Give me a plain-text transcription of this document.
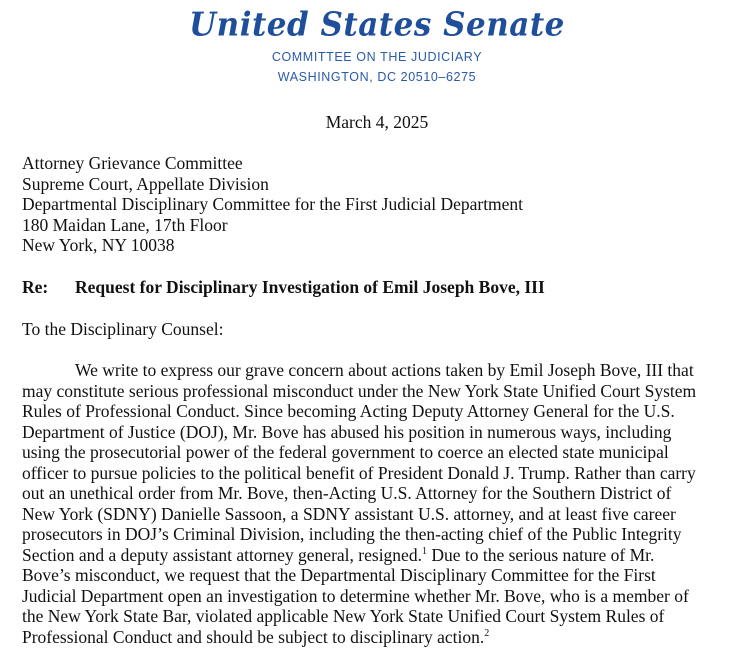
United States Senate
COMMITTEE ON THE JUDICIARY
WASHINGTON, DC 20510–6275
March 4, 2025
Attorney Grievance Committee
Supreme Court, Appellate Division
Departmental Disciplinary Committee for the First Judicial Department
180 Maidan Lane, 17th Floor
New York, NY 10038
Re: Request for Disciplinary Investigation of Emil Joseph Bove, III
To the Disciplinary Counsel:
We write to express our grave concern about actions taken by Emil Joseph Bove, III that
may constitute serious professional misconduct under the New York State Unified Court System
Rules of Professional Conduct. Since becoming Acting Deputy Attorney General for the U.S.
Department of Justice (DOJ), Mr. Bove has abused his position in numerous ways, including
using the prosecutorial power of the federal government to coerce an elected state municipal
officer to pursue policies to the political benefit of President Donald J. Trump. Rather than carry
out an unethical order from Mr. Bove, then-Acting U.S. Attorney for the Southern District of
New York (SDNY) Danielle Sassoon, a SDNY assistant U.S. attorney, and at least five career
prosecutors in DOJ’s Criminal Division, including the then-acting chief of the Public Integrity
Section and a deputy assistant attorney general, resigned.$^1$ Due to the serious nature of Mr.
Bove’s misconduct, we request that the Departmental Disciplinary Committee for the First
Judicial Department open an investigation to determine whether Mr. Bove, who is a member of
the New York State Bar, violated applicable New York State Unified Court System Rules of
Professional Conduct and should be subject to disciplinary action.$^2$
